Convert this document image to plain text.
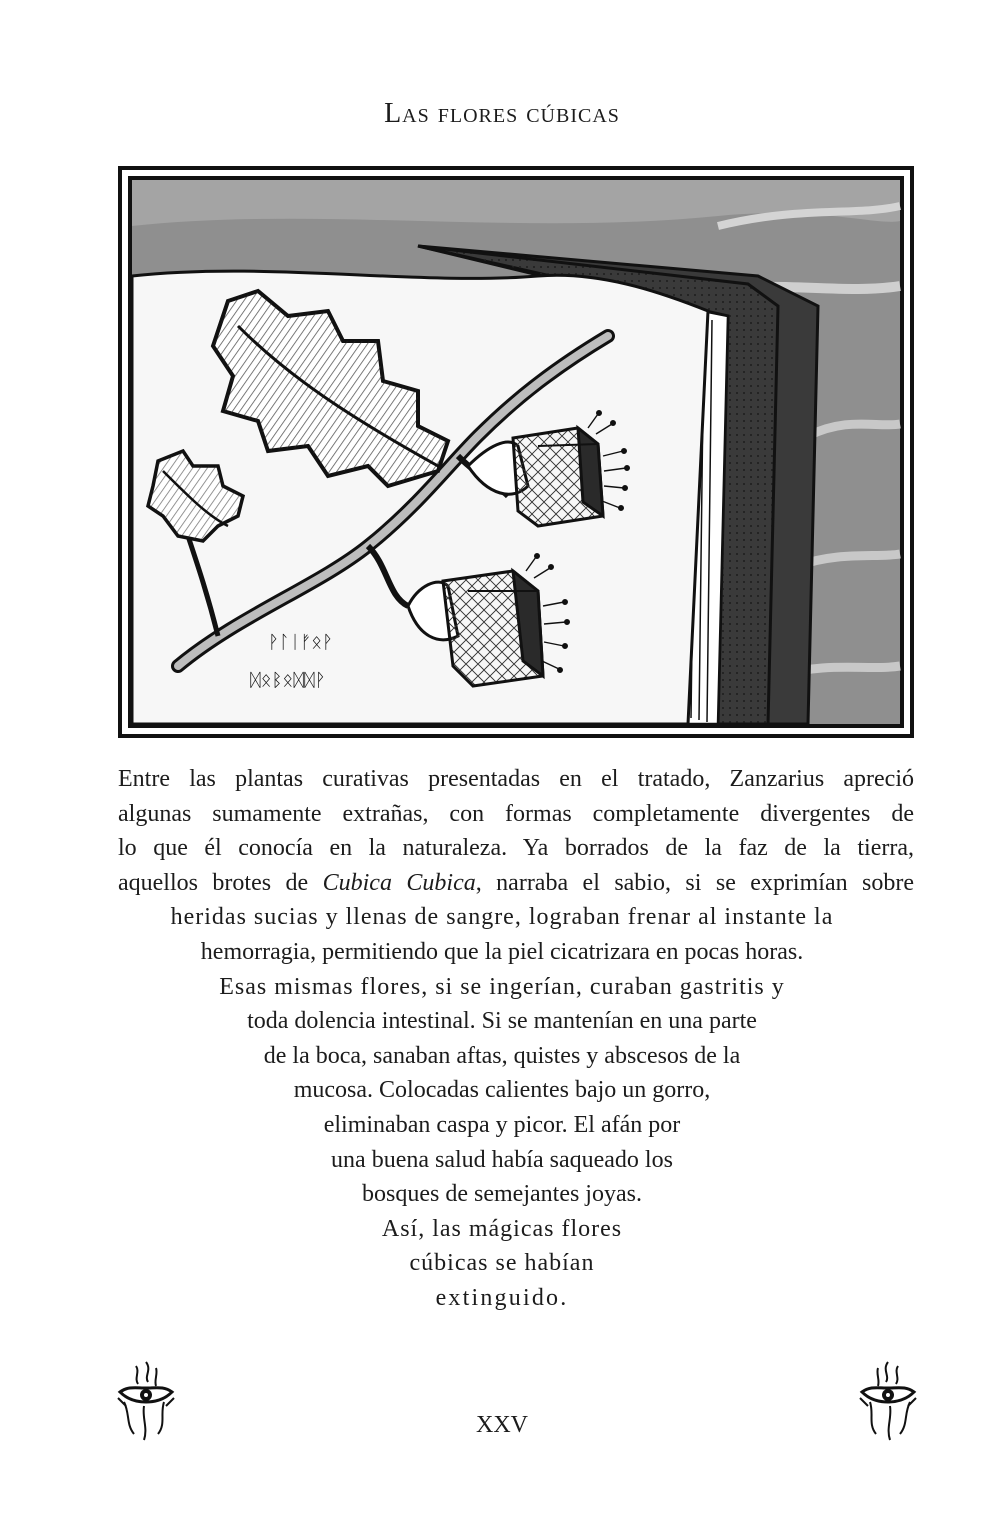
Las flores cúbicas
ᚹᛚᛁᚠᛟᚹ
ᛞᛟᛒᛟᛞᛞᚹ
Entre las plantas curativas presentadas en el tratado, Zanzarius apreció
algunas sumamente extrañas, con formas completamente divergentes de
lo que él conocía en la naturaleza. Ya borrados de la faz de la tierra,
aquellos brotes de Cubica Cubica, narraba el sabio, si se exprimían sobre
heridas sucias y llenas de sangre, lograban frenar al instante la
hemorragia, permitiendo que la piel cicatrizara en pocas horas.
Esas mismas flores, si se ingerían, curaban gastritis y
toda dolencia intestinal. Si se mantenían en una parte
de la boca, sanaban aftas, quistes y abscesos de la
mucosa. Colocadas calientes bajo un gorro,
eliminaban caspa y picor. El afán por
una buena salud había saqueado los
bosques de semejantes joyas.
Así, las mágicas flores
cúbicas se habían
extinguido.
XXV
